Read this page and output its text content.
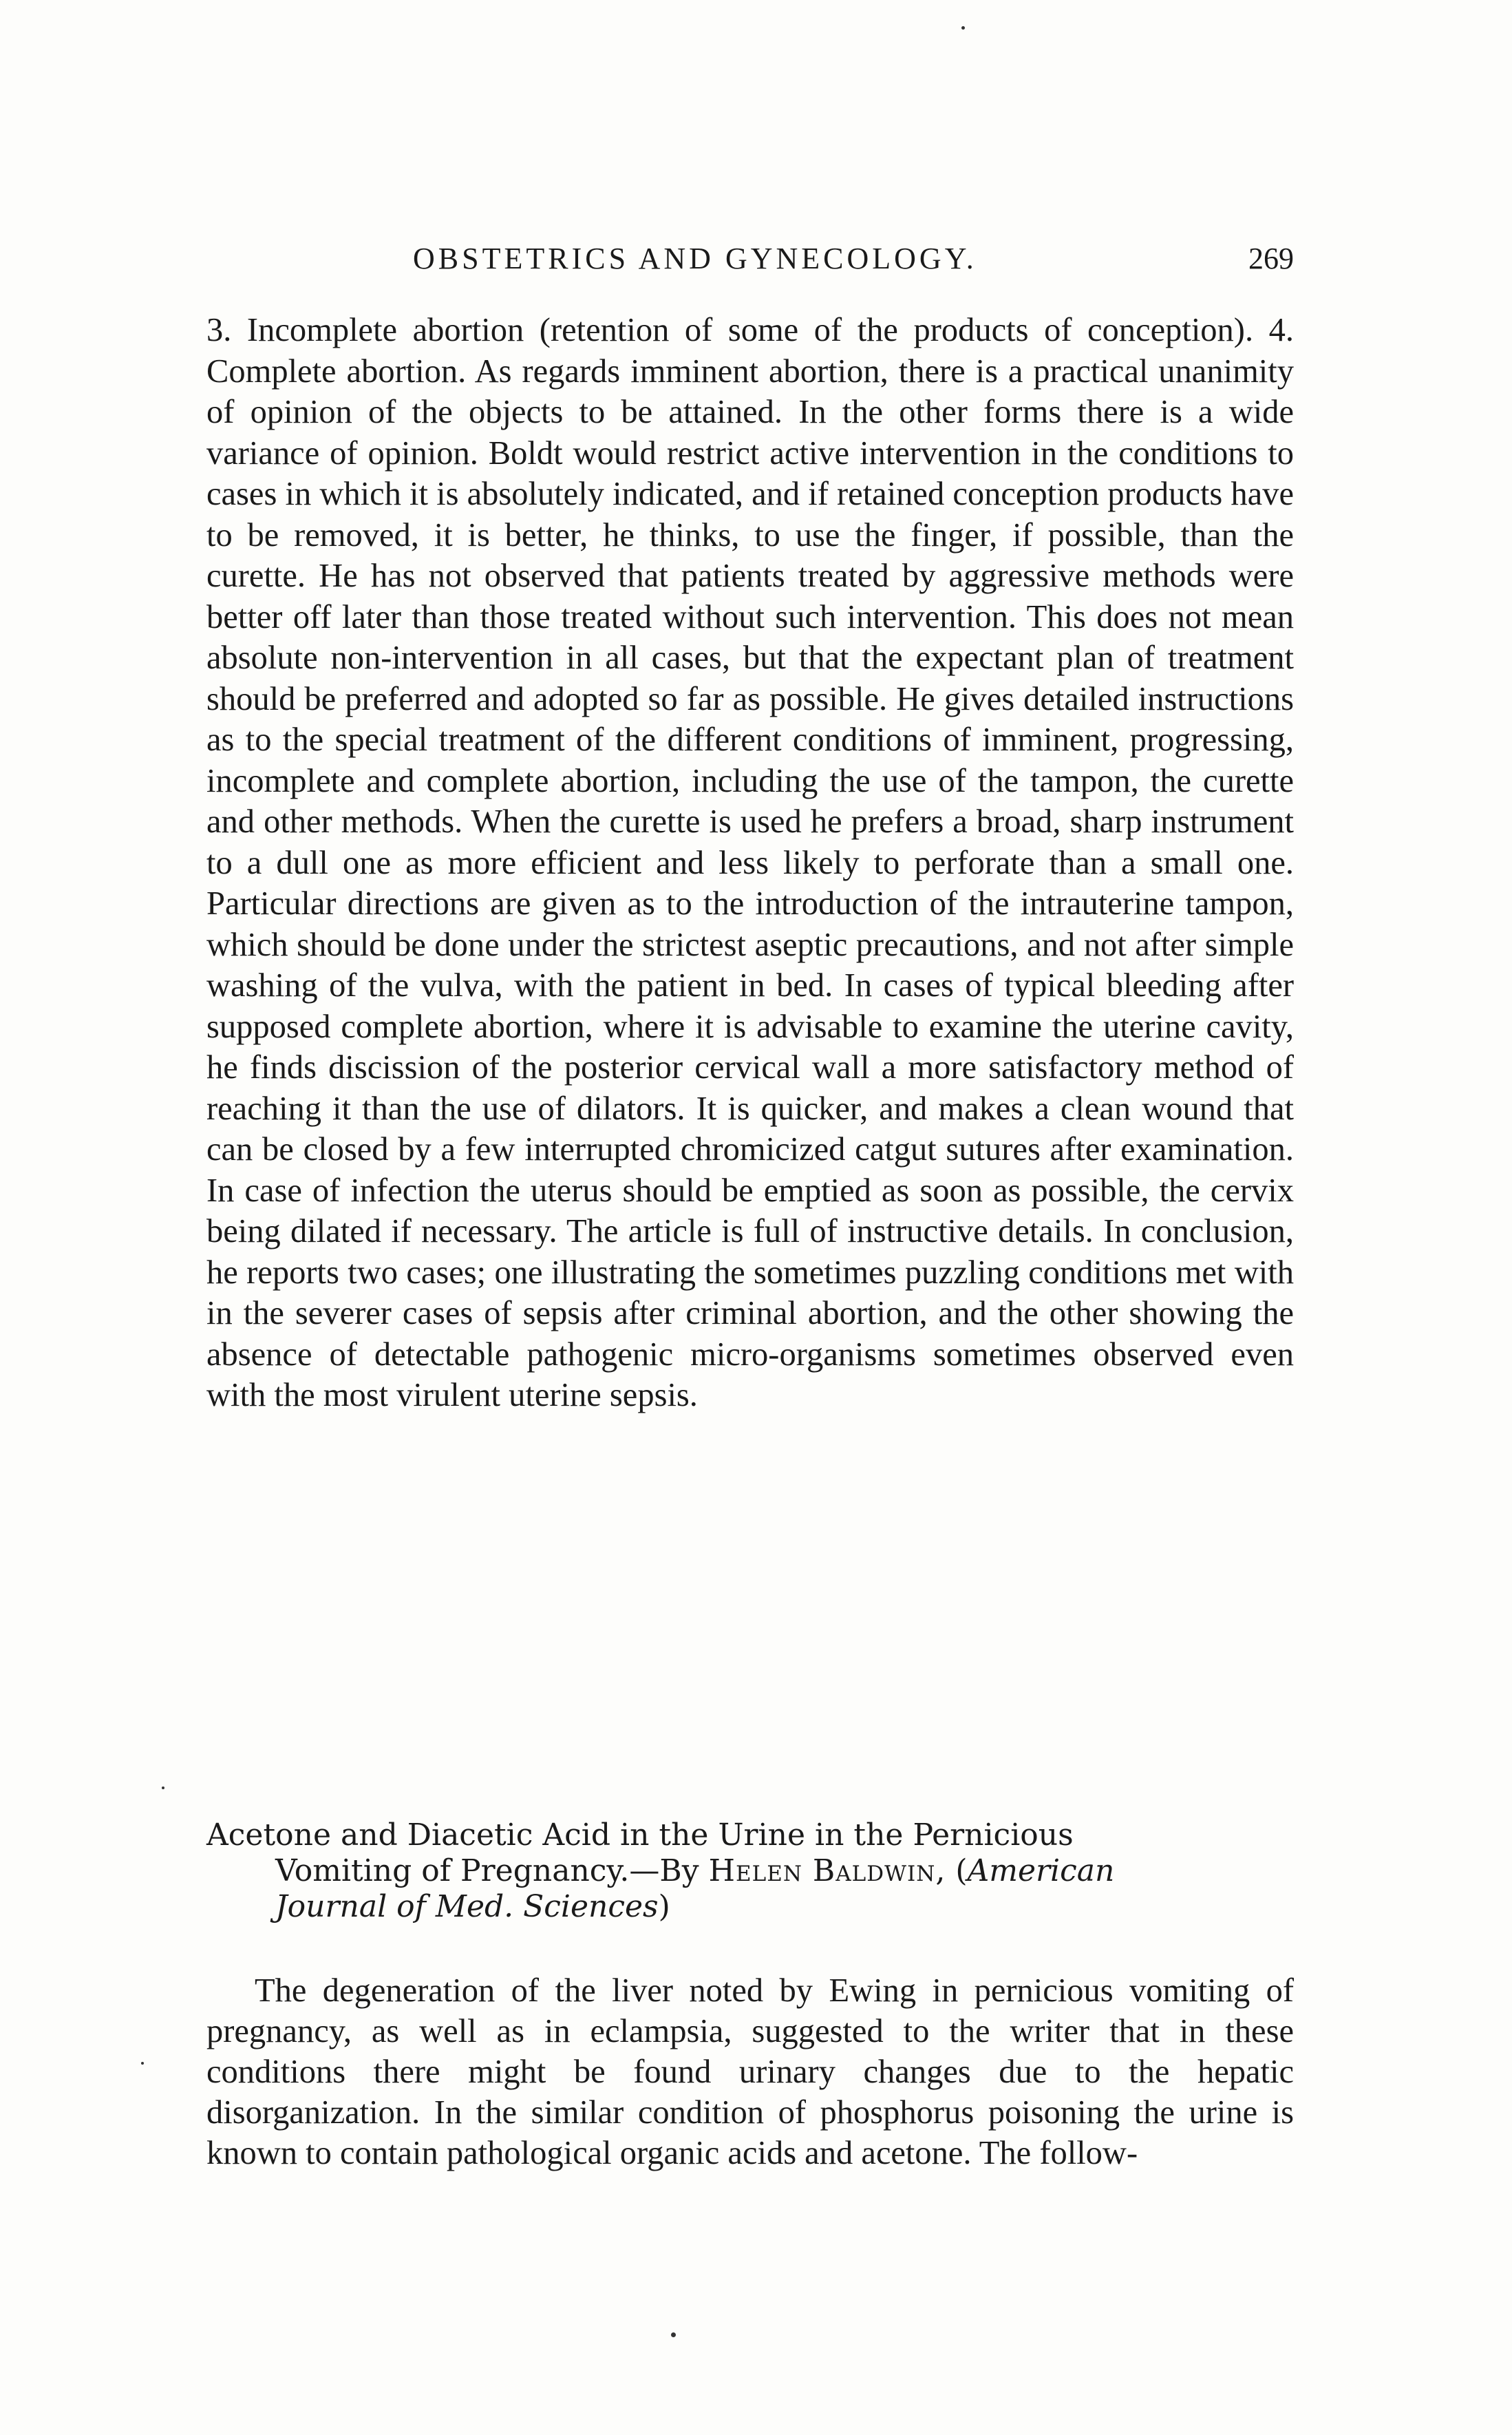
OBSTETRICS AND GYNECOLOGY.	269

3. Incomplete abortion (retention of some of the products of conception). 4. Complete abortion. As regards imminent abortion, there is a practical unanimity of opinion of the objects to be attained. In the other forms there is a wide variance of opinion. Boldt would restrict active intervention in the conditions to cases in which it is absolutely indicated, and if retained conception products have to be removed, it is better, he thinks, to use the finger, if possible, than the curette. He has not observed that patients treated by aggressive methods were better off later than those treated without such intervention. This does not mean absolute non-intervention in all cases, but that the expectant plan of treatment should be preferred and adopted so far as possible. He gives detailed instructions as to the special treatment of the different conditions of imminent, progressing, incomplete and complete abortion, including the use of the tampon, the curette and other methods. When the curette is used he prefers a broad, sharp instrument to a dull one as more efficient and less likely to perforate than a small one. Particular directions are given as to the introduction of the intrauterine tampon, which should be done under the strictest aseptic precautions, and not after simple washing of the vulva, with the patient in bed. In cases of typical bleeding after supposed complete abortion, where it is advisable to examine the uterine cavity, he finds discission of the posterior cervical wall a more satisfactory method of reaching it than the use of dilators. It is quicker, and makes a clean wound that can be closed by a few interrupted chromicized catgut sutures after examination. In case of infection the uterus should be emptied as soon as possible, the cervix being dilated if necessary. The article is full of instructive details. In conclusion, he reports two cases; one illustrating the sometimes puzzling conditions met with in the severer cases of sepsis after criminal abortion, and the other showing the absence of detectable pathogenic micro-organisms sometimes observed even with the most virulent uterine sepsis.

Acetone and Diacetic Acid in the Urine in the Pernicious
Vomiting of Pregnancy.—By Helen Baldwin, (American
Journal of Med. Sciences)

The degeneration of the liver noted by Ewing in pernicious vomiting of pregnancy, as well as in eclampsia, suggested to the writer that in these conditions there might be found urinary changes due to the hepatic disorganization. In the similar condition of phosphorus poisoning the urine is known to contain pathological organic acids and acetone. The follow-
